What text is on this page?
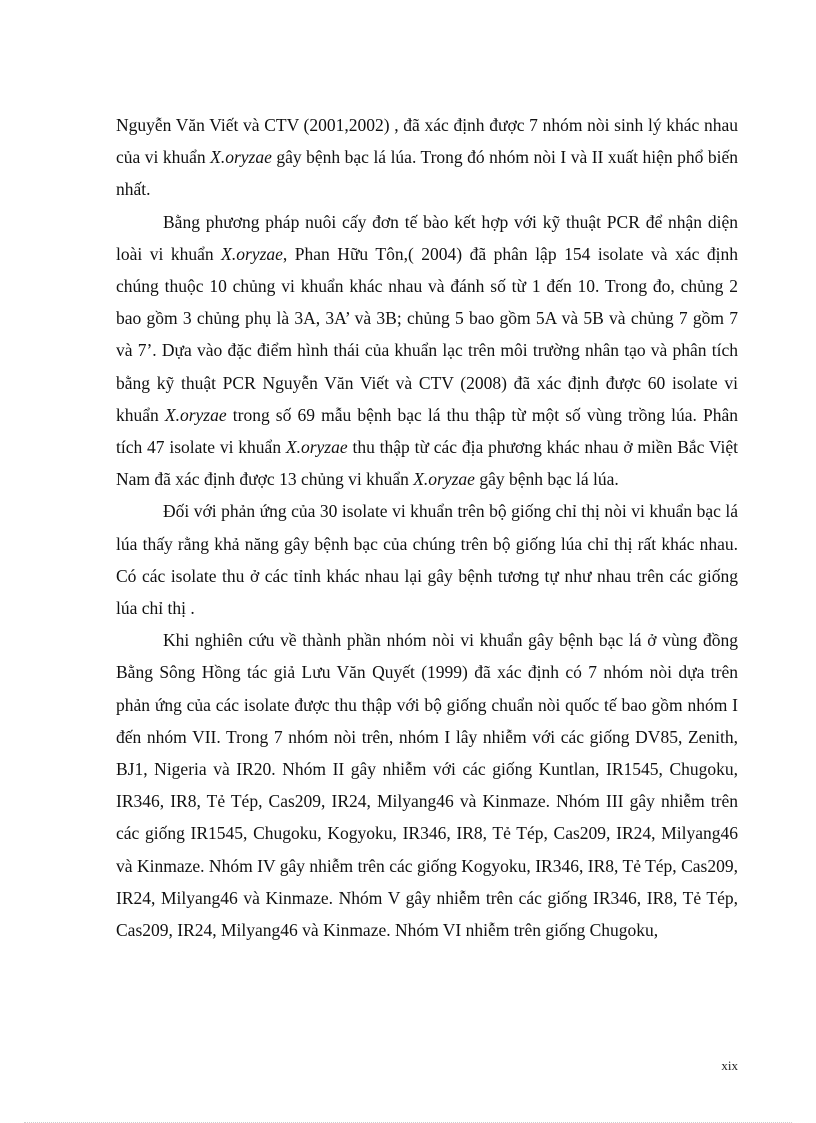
Nguyễn Văn Viết và CTV (2001,2002) , đã xác định được 7 nhóm nòi sinh lý khác nhau của vi khuẩn X.oryzae gây bệnh bạc lá lúa. Trong đó nhóm nòi I và II xuất hiện phổ biến nhất.

Bằng phương pháp nuôi cấy đơn tế bào kết hợp với kỹ thuật PCR để nhận diện loài vi khuẩn X.oryzae, Phan Hữu Tôn,( 2004) đã phân lập 154 isolate và xác định chúng thuộc 10 chủng vi khuẩn khác nhau và đánh số từ 1 đến 10. Trong đo, chủng 2 bao gồm 3 chủng phụ là 3A, 3A’ và 3B; chủng 5 bao gồm 5A và 5B và chủng 7 gồm 7 và 7’. Dựa vào đặc điểm hình thái của khuẩn lạc trên môi trường nhân tạo và phân tích bằng kỹ thuật PCR Nguyễn Văn Viết và CTV (2008) đã xác định được 60 isolate vi khuẩn X.oryzae trong số 69 mẫu bệnh bạc lá thu thập từ một số vùng trồng lúa. Phân tích 47 isolate vi khuẩn X.oryzae thu thập từ các địa phương khác nhau ở miền Bắc Việt Nam đã xác định được 13 chủng vi khuẩn X.oryzae gây bệnh bạc lá lúa.

Đối với phản ứng của 30 isolate vi khuẩn trên bộ giống chỉ thị nòi vi khuẩn bạc lá lúa thấy rằng khả năng gây bệnh bạc của chúng trên bộ giống lúa chỉ thị rất khác nhau. Có các isolate thu ở các tỉnh khác nhau lại gây bệnh tương tự như nhau trên các giống lúa chỉ thị .

Khi nghiên cứu về thành phần nhóm nòi vi khuẩn gây bệnh bạc lá ở vùng đồng Bằng Sông Hồng tác giả Lưu Văn Quyết (1999) đã xác định có 7 nhóm nòi dựa trên phản ứng của các isolate được thu thập với bộ giống chuẩn nòi quốc tế bao gồm nhóm I đến nhóm VII. Trong 7 nhóm nòi trên, nhóm I lây nhiễm với các giống DV85, Zenith, BJ1, Nigeria và IR20. Nhóm II gây nhiễm với các giống Kuntlan, IR1545, Chugoku, IR346, IR8, Tẻ Tép, Cas209, IR24, Milyang46 và Kinmaze. Nhóm III gây nhiễm trên các giống IR1545, Chugoku, Kogyoku, IR346, IR8, Tẻ Tép, Cas209, IR24, Milyang46 và Kinmaze. Nhóm IV gây nhiễm trên các giống Kogyoku, IR346, IR8, Tẻ Tép, Cas209, IR24, Milyang46 và Kinmaze. Nhóm V gây nhiễm trên các giống IR346, IR8, Tẻ Tép, Cas209, IR24, Milyang46 và Kinmaze. Nhóm VI nhiễm trên giống Chugoku,

xix
